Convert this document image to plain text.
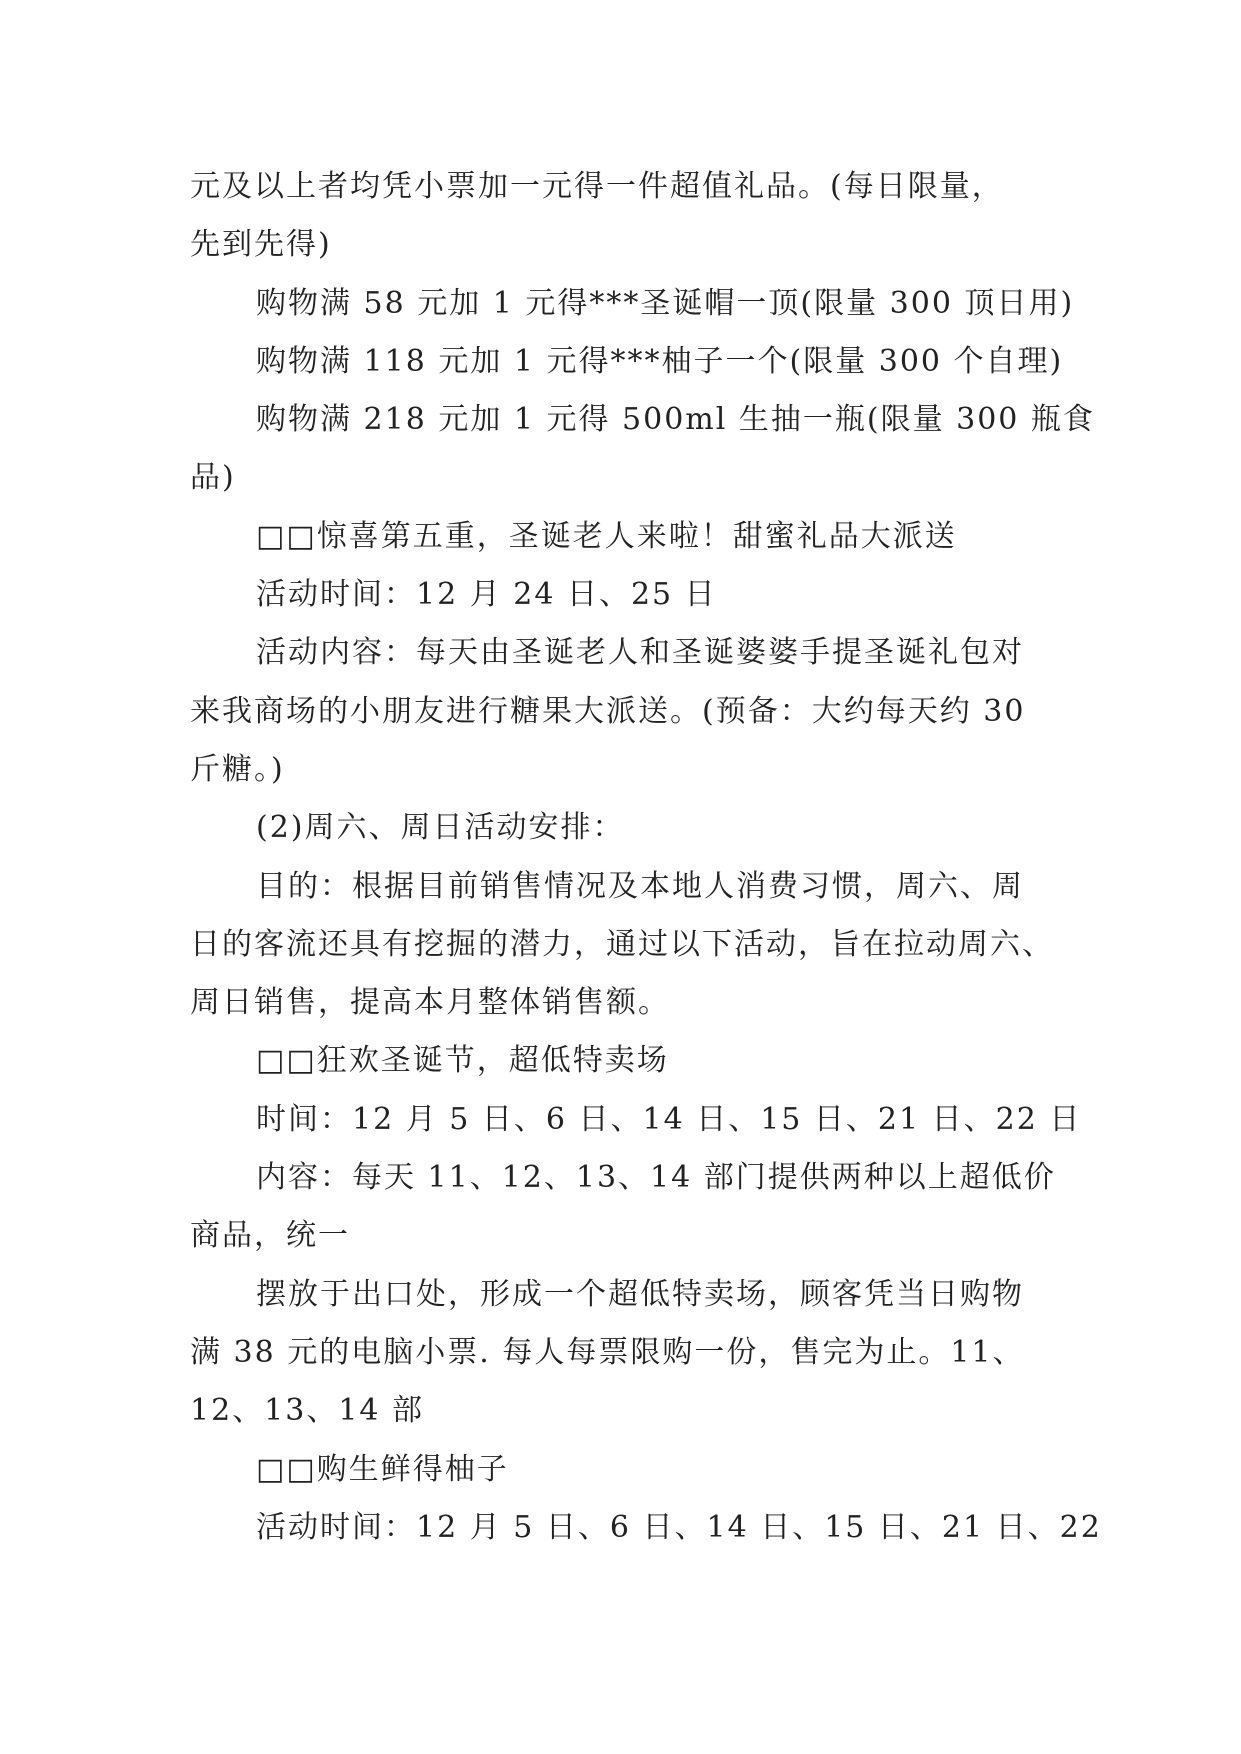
元及以上者均凭小票加一元得一件超值礼品。(每日限量，
先到先得)
购物满 58 元加 1 元得***圣诞帽一顶(限量 300 顶日用)
购物满 118 元加 1 元得***柚子一个(限量 300 个自理)
购物满 218 元加 1 元得 500ml 生抽一瓶(限量 300 瓶食
品)
□□惊喜第五重，圣诞老人来啦！甜蜜礼品大派送
活动时间：12 月 24 日、25 日
活动内容：每天由圣诞老人和圣诞婆婆手提圣诞礼包对
来我商场的小朋友进行糖果大派送。(预备：大约每天约 30
斤糖。)
(2)周六、周日活动安排：
目的：根据目前销售情况及本地人消费习惯，周六、周
日的客流还具有挖掘的潜力，通过以下活动，旨在拉动周六、
周日销售，提高本月整体销售额。
□□狂欢圣诞节，超低特卖场
时间：12 月 5 日、6 日、14 日、15 日、21 日、22 日
内容：每天 11、12、13、14 部门提供两种以上超低价
商品，统一
摆放于出口处，形成一个超低特卖场，顾客凭当日购物
满 38 元的电脑小票. 每人每票限购一份，售完为止。11、
12、13、14 部
□□购生鲜得柚子
活动时间：12 月 5 日、6 日、14 日、15 日、21 日、22
